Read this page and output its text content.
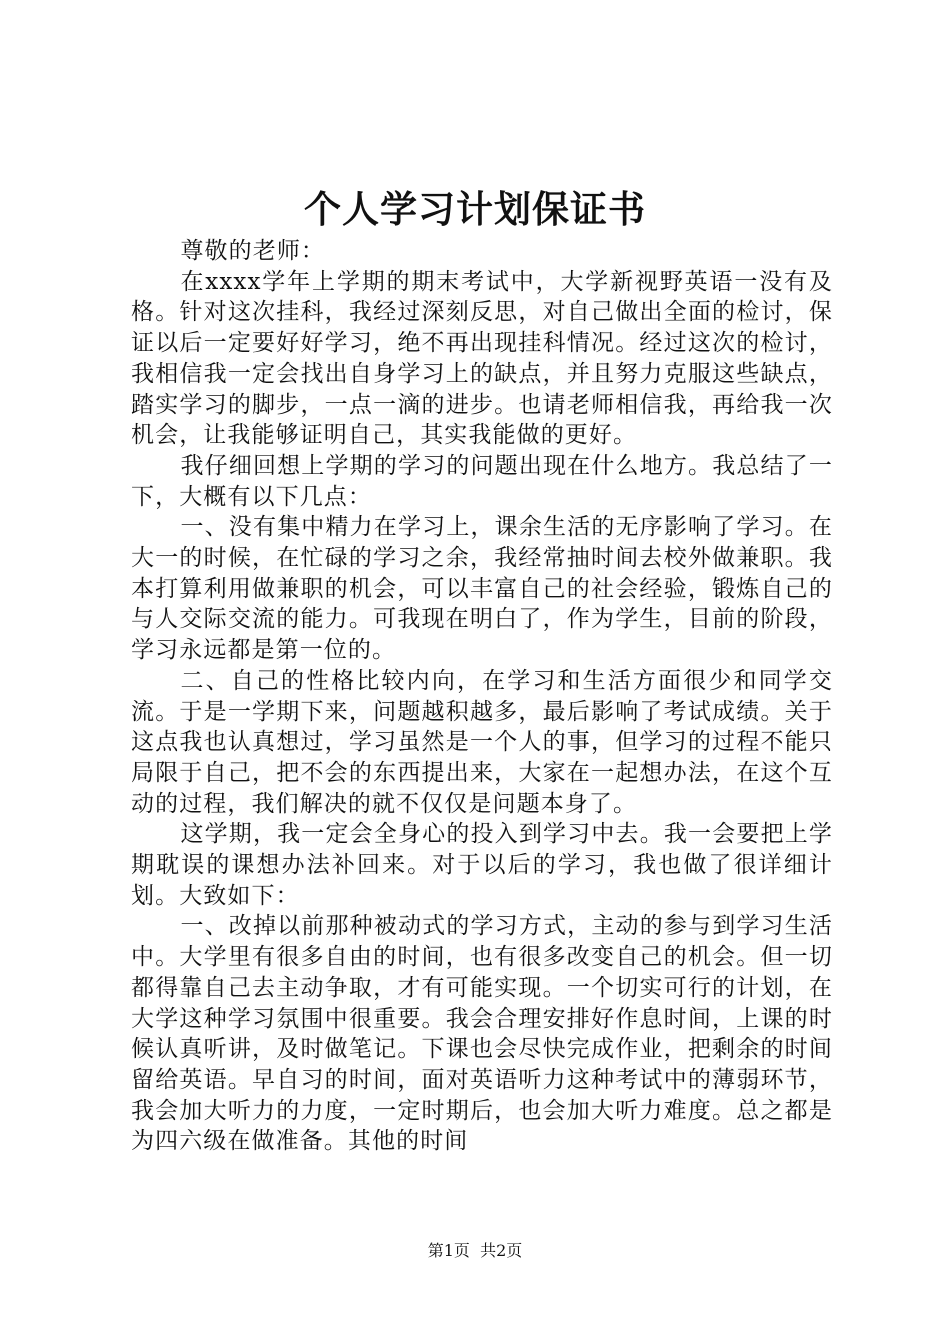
个人学习计划保证书

尊敬的老师：

在xxxx学年上学期的期末考试中，大学新视野英语一没有及格。针对这次挂科，我经过深刻反思，对自己做出全面的检讨，保证以后一定要好好学习，绝不再出现挂科情况。经过这次的检讨，我相信我一定会找出自身学习上的缺点，并且努力克服这些缺点，踏实学习的脚步，一点一滴的进步。也请老师相信我，再给我一次机会，让我能够证明自己，其实我能做的更好。

我仔细回想上学期的学习的问题出现在什么地方。我总结了一下，大概有以下几点：

一、没有集中精力在学习上，课余生活的无序影响了学习。在大一的时候，在忙碌的学习之余，我经常抽时间去校外做兼职。我本打算利用做兼职的机会，可以丰富自己的社会经验，锻炼自己的与人交际交流的能力。可我现在明白了，作为学生，目前的阶段，学习永远都是第一位的。

二、自己的性格比较内向，在学习和生活方面很少和同学交流。于是一学期下来，问题越积越多，最后影响了考试成绩。关于这点我也认真想过，学习虽然是一个人的事，但学习的过程不能只局限于自己，把不会的东西提出来，大家在一起想办法，在这个互动的过程，我们解决的就不仅仅是问题本身了。

这学期，我一定会全身心的投入到学习中去。我一会要把上学期耽误的课想办法补回来。对于以后的学习，我也做了很详细计划。大致如下：

一、改掉以前那种被动式的学习方式，主动的参与到学习生活中。大学里有很多自由的时间，也有很多改变自己的机会。但一切都得靠自己去主动争取，才有可能实现。一个切实可行的计划，在大学这种学习氛围中很重要。我会合理安排好作息时间，上课的时候认真听讲，及时做笔记。下课也会尽快完成作业，把剩余的时间留给英语。早自习的时间，面对英语听力这种考试中的薄弱环节，我会加大听力的力度，一定时期后，也会加大听力难度。总之都是为四六级在做准备。其他的时间

第1页 共2页
